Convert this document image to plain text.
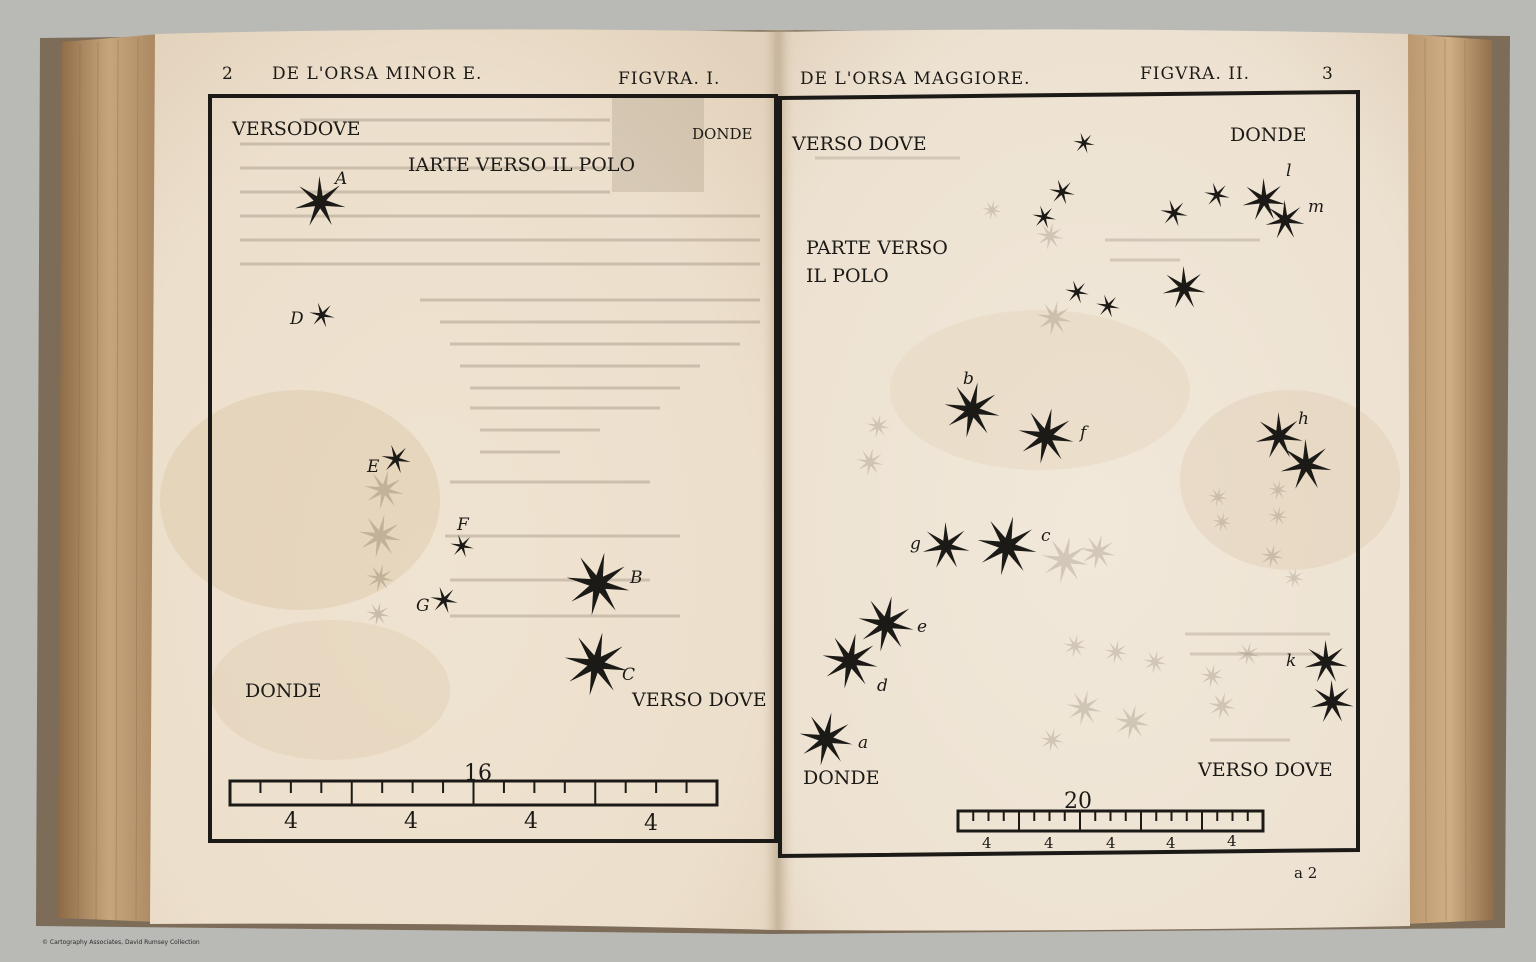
2 DE L'ORSA MINOR E.	FIGVRA. I.
VERSODOVE	DONDE
IARTE VERSO IL POLO
DONDE	VERSO DOVE
A
D
E
F
G
B
C
16
4	4	4	4
DE L'ORSA MAGGIORE.	FIGVRA. II.	3
VERSO DOVE	DONDE
PARTE VERSO
IL POLO
DONDE	VERSO DOVE
l
m
b
f
h
g	c
e
d
k
a
20
4	4	4	4	4
a 2
© Cartography Associates, David Rumsey Collection
